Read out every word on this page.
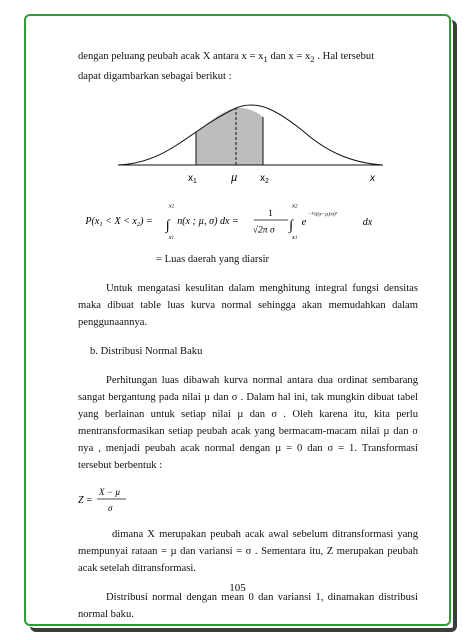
dengan peluang peubah acak X antara $x = x_1$ dan $x = x_2$ . Hal tersebut
dapat digambarkan sebagai berikut :

$x_1$	µ $x_2$	x
P(x1 < X < x2) =
x2
∫
x1
n(x ; µ, σ) dx =
1
√2π σ
x2
∫
x1
e
−½((x−µ)/σ)²
dx

= Luas daerah yang diarsir

Untuk mengatasi kesulitan dalam menghitung integral fungsi densitas maka dibuat table luas kurva normal sehingga akan memudahkan dalam penggunaannya.

b. Distribusi Normal Baku

Perhitungan luas dibawah kurva normal antara dua ordinat sembarang sangat bergantung pada nilai µ dan σ . Dalam hal ini, tak mungkin dibuat tabel yang berlainan untuk setiap nilai µ dan σ . Oleh karena itu, kita perlu mentransformasikan setiap peubah acak yang bermacam-macam nilai µ dan σ nya , menjadi peubah acak normal dengan µ = 0 dan σ = 1. Transformasi tersebut berbentuk :

Z =
X − µ
σ

dimana X merupakan peubah acak awal sebelum ditransformasi yang mempunyai rataan = µ dan variansi = σ . Sementara itu, Z merupakan peubah acak setelah ditransformasi.

Distribusi normal dengan mean 0 dan variansi 1, dinamakan distribusi normal baku.

105
